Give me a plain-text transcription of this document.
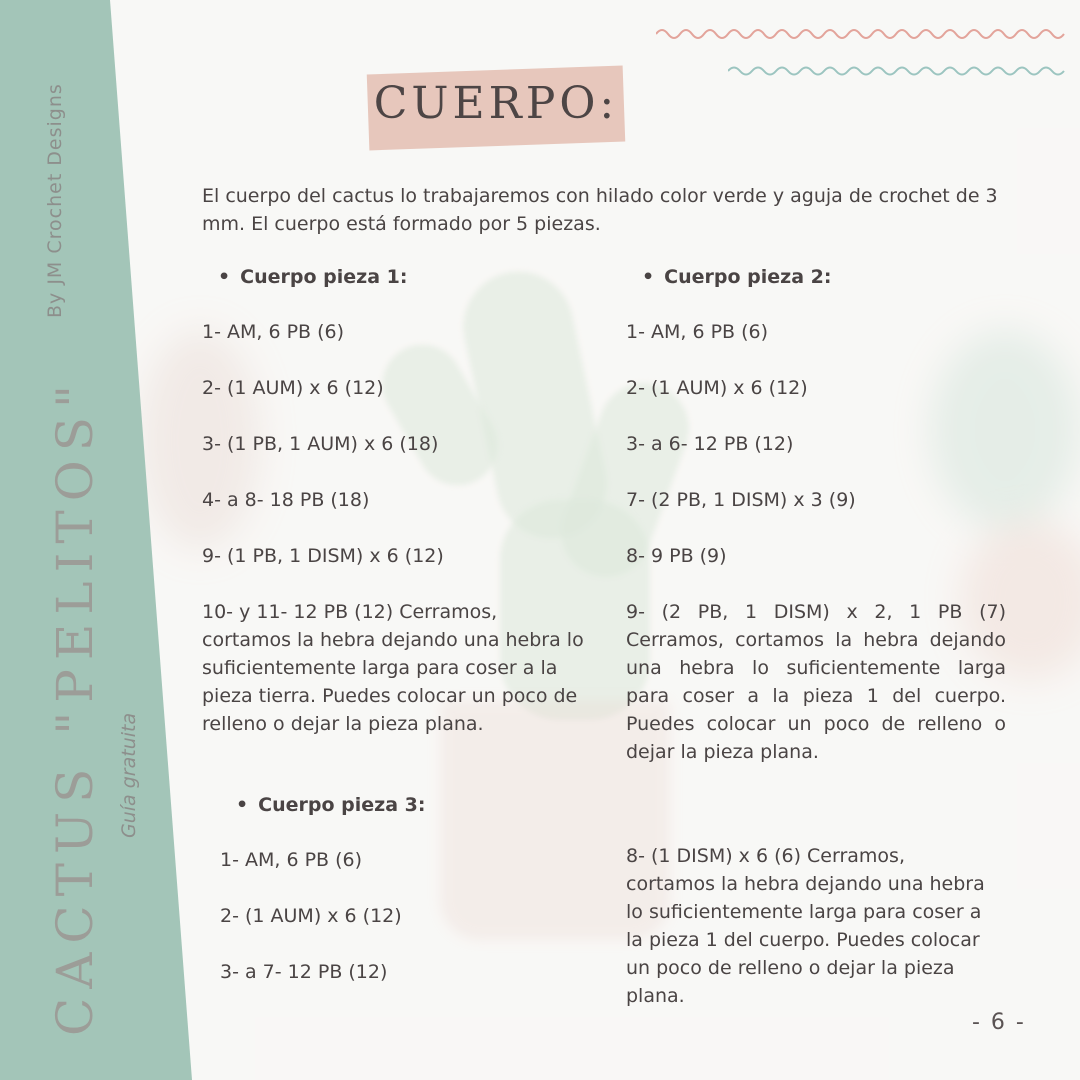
By JM Crochet Designs
CACTUS "PELITOS" Guía gratuita
CUERPO:
El cuerpo del cactus lo trabajaremos con hilado color verde y aguja de crochet de 3 mm. El cuerpo está formado por 5 piezas.
• Cuerpo pieza 1:
1- AM, 6 PB (6)
2- (1 AUM) x 6 (12)
3- (1 PB, 1 AUM) x 6 (18)
4- a 8- 18 PB (18)
9- (1 PB, 1 DISM) x 6 (12)
10- y 11- 12 PB (12) Cerramos, cortamos la hebra dejando una hebra lo suficientemente larga para coser a la pieza tierra. Puedes colocar un poco de relleno o dejar la pieza plana.
• Cuerpo pieza 2:
1- AM, 6 PB (6)
2- (1 AUM) x 6 (12)
3- a 6- 12 PB (12)
7- (2 PB, 1 DISM) x 3 (9)
8- 9 PB (9)
9- (2 PB, 1 DISM) x 2, 1 PB (7) Cerramos, cortamos la hebra dejando una hebra lo suficientemente larga para coser a la pieza 1 del cuerpo. Puedes colocar un poco de relleno o dejar la pieza plana.
• Cuerpo pieza 3:
1- AM, 6 PB (6)
2- (1 AUM) x 6 (12)
3- a 7- 12 PB (12)
8- (1 DISM) x 6 (6) Cerramos, cortamos la hebra dejando una hebra lo suficientemente larga para coser a la pieza 1 del cuerpo. Puedes colocar un poco de relleno o dejar la pieza plana.
- 6 -
